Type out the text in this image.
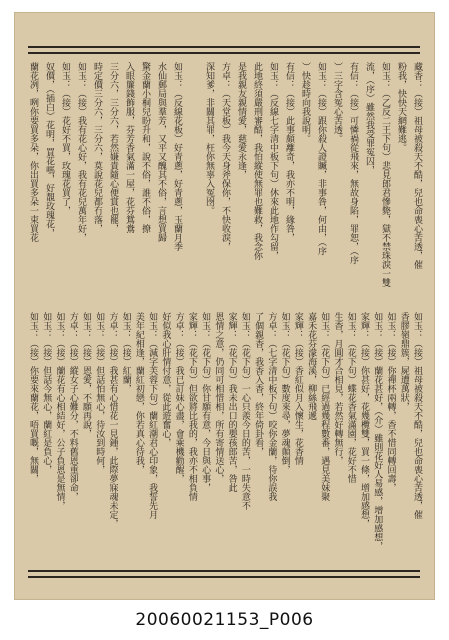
藏香：（接）祖母被殺天不酷，兒也命喪心苦透，催
粉我，快快天網難逃。
如玉：（乙反二王下句）悲見郎君慘斃，獄不禁珠淚一雙
流，（序）雖然我受罪冤囚，
有信：（接）可憐禍從飛來，無故身陷，罪恕，（序
）三字含冤心苦透。
如玉：（接）跟你殺人證贓，非事咎，何由，（序
）快趁時向我說明。
有信：（接）此事頗離奇，我亦不明，緣咎，
如玉：（反線七字清中板下句）休來此地作勾留，
此地終須嚴刑審酷，我怕縱使無罪也難救，我念你
是我親友親情愛，慈愛永逢，
方卓：（天堂板）我今天身斧保你，不快收淚，
深知爹，非關其罪，枉你無辜入冤囹。
如玉：（反線花板）好青蔥，好青蔥，玉蘭月季
水仙郵局與羣芳，又平又醜其不俗，言想買歸
驚金蘭小桐兒盼升和，說不俗，誰不俗，撩
入眼簾錢飾服，芬芳香氣滿一屋，花芬鴛鴦
三分六，三分六，若然嫌貴隨心便賞也罷，
時定價三分六，三分六，莫說花兒都冇落，
如玉：（接）我有花心好，我有花兒萬年好，
如玉：（接）花好不買，玫瑰花買了，
奴價，（插白）花明，買花嗎，好靚玫瑰花，
蘭花冽，咧你要買多朵，你出買多朵一束買花
如玉：（接）祖母被殺天不酷，兒也命喪心苦透，催
香膠嶺鼎簇，屍遭萬狀，
如玉：（接）你禪杯兩轉，香不惜同轉回壽，
如玉：（接）蘭花甚好，（介）雖則花好人易感，增加感想，
家輝：（接）你甚好，花幾欖雙，買一條，增加感想，
如玉：（花下句）蝶花香氣滿園，花好不惜
生香，月圓才合相見，若然好轉無行，
如玉：（花下句）已經過幾程數番，遇見美妹聚
嘉禾花芬濛海溪，柳絲飛遞
家輝：（接）香紅似月入懷生，花香情
如玉：（花下句）數度來尋，夢魂顛倒，
方卓：（七字清中板下句）咬你金蘭，待你誤我
了個親香，我香入香，終年倚卦看，
如玉：（花下句）一心只羨今日的苦，一時失意不
家輝：（花下句）我未出口的嬰孩郎苦，咎此
恩情之意，仍同可相惜相，所有寄情送心，
如玉：（花下句）你甘願有意，今日與心事，
家輝：（花下句）但欲將比我的，我亦不相負情
方卓：（接）我已訂妹心盡，會乘機勸醒，
好似我心肝情付意，從此遊奮心，
如玉：（減字芙蓉下句）蘭紅潮君心印象，我誓先月
美年紀相逢，蘭紅初戀，你若真心待我，
如玉：（接）紅蘭，
方卓：（接）我甚有心惜花一見鍾，此際夢寐魂未定，
如玉：（接）但話怕無心，待汝到時何，
如玉：（接）恩愛，不願再說，
方卓：（接）縱女子心難分，不料舊恩重卻命，
如玉：（接）蘭花有心相結好，公子負恩是無情，
如玉：（接）但話今無心，蘭紅是負心，
如玉：（接）你要來蘭花，唔買嘅，無關，
20060021153_P006
